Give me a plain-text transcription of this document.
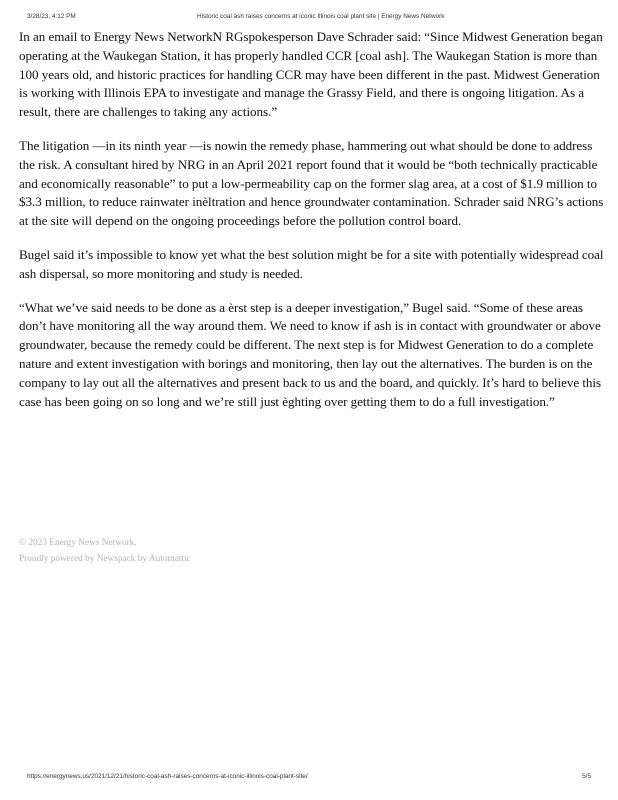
3/28/23, 4:12 PM	Historic coal ash raises concerns at iconic Illinois coal plant site | Energy News Network

In an email to Energy News NetworkN RGspokesperson Dave Schrader said: “Since Midwest Generation began operating at the Waukegan Station, it has properly handled CCR [coal ash]. The Waukegan Station is more than 100 years old, and historic practices for handling CCR may have been different in the past. Midwest Generation is working with Illinois EPA to investigate and manage the Grassy Field, and there is ongoing litigation. As a result, there are challenges to taking any actions.”

The litigation —in its ninth year —is nowin the remedy phase, hammering out what should be done to address the risk. A consultant hired by NRG in an April 2021 report found that it would be “both technically practicable and economically reasonable” to put a low-permeability cap on the former slag area, at a cost of $1.9 million to $3.3 million, to reduce rainwater inèltration and hence groundwater contamination. Schrader said NRG’s actions at the site will depend on the ongoing proceedings before the pollution control board.

Bugel said it’s impossible to know yet what the best solution might be for a site with potentially widespread coal ash dispersal, so more monitoring and study is needed.

“What we’ve said needs to be done as a èrst step is a deeper investigation,” Bugel said. “Some of these areas don’t have monitoring all the way around them. We need to know if ash is in contact with groundwater or above groundwater, because the remedy could be different. The next step is for Midwest Generation to do a complete nature and extent investigation with borings and monitoring, then lay out the alternatives. The burden is on the company to lay out all the alternatives and present back to us and the board, and quickly. It’s hard to believe this case has been going on so long and we’re still just èghting over getting them to do a full investigation.”

© 2023 Energy News Network.
Proudly powered by Newspack by Automattic
https://energynews.us/2021/12/21/historic-coal-ash-raises-concerns-at-iconic-illinois-coal-plant-site/	5/5
